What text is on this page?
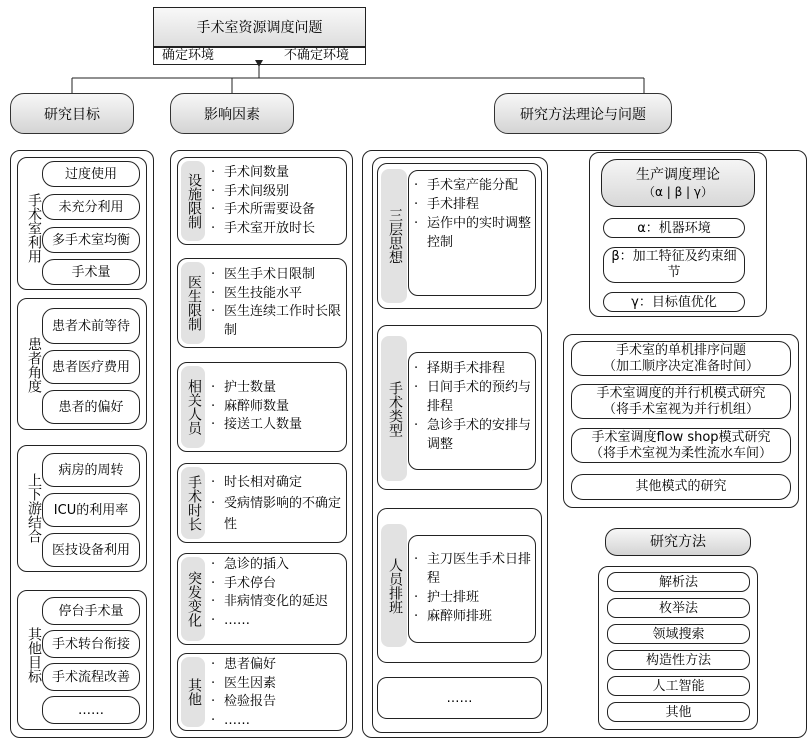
手术室资源调度问题
确定环境	不确定环境
研究目标	影响因素	研究方法理论与问题
手术室利用
过度使用
未充分利用
多手术室均衡
手术量
患者角度
患者术前等待
患者医疗费用
患者的偏好
上下游结合
病房的周转
ICU的利用率
医技设备利用
其他目标
停台手术量
手术转台衔接
手术流程改善
……
设施限制
· 手术间数量
· 手术间级别
· 手术所需要设备
· 手术室开放时长
医生限制
· 医生手术日限制
· 医生技能水平
· 医生连续工作时长限制
相关人员	· 护士数量
· 麻醉师数量
· 接送工人数量
手术时长	· 时长相对确定
· 受病情影响的不确定性
突发变化
· 急诊的插入
· 手术停台
· 非病情变化的延迟
· ……
其他
· 患者偏好
· 医生因素
· 检验报告
· ……
三层思想
· 手术室产能分配
· 手术排程
· 运作中的实时调整控制
手术类型
· 择期手术排程
· 日间手术的预约与排程
· 急诊手术的安排与调整
人员排班	· 主刀医生手术日排程
· 护士排班
· 麻醉师排班
……
生产调度理论
（α | β | γ）
α：机器环境
β：加工特征及约束细节
γ：目标值优化
手术室的单机排序问题
（加工顺序决定准备时间）
手术室调度的并行机模式研究
（将手术室视为并行机组）
手术室调度flow shop模式研究
（将手术室视为柔性流水车间）
其他模式的研究
研究方法
解析法
枚举法
领域搜索
构造性方法
人工智能
其他
